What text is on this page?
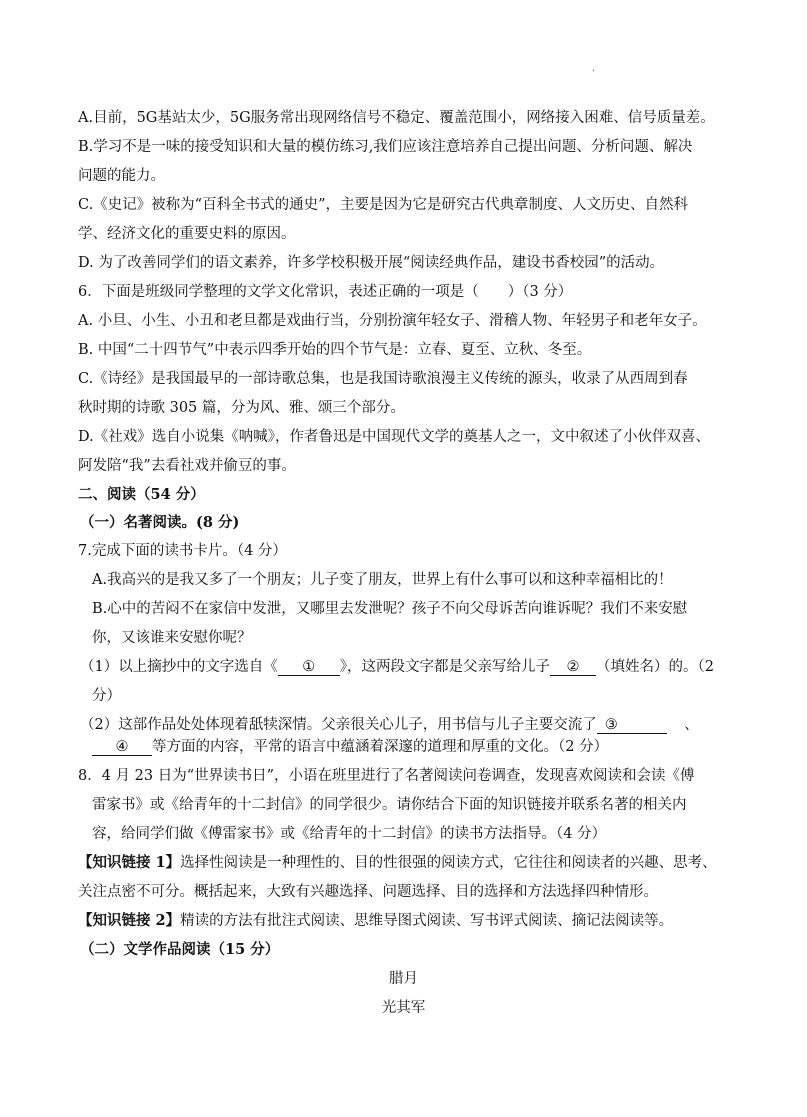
·
A.目前，5G基站太少，5G服务常出现网络信号不稳定、覆盖范围小，网络接入困难、信号质量差。
B.学习不是一味的接受知识和大量的模仿练习,我们应该注意培养自己提出问题、分析问题、解决
问题的能力。
C.《史记》被称为“百科全书式的通史”，主要是因为它是研究古代典章制度、人文历史、自然科
学、经济文化的重要史料的原因。
D. 为了改善同学们的语文素养，许多学校积极开展“阅读经典作品，建设书香校园”的活动。
6．下面是班级同学整理的文学文化常识，表述正确的一项是（　　）（3 分）
A. 小旦、小生、小丑和老旦都是戏曲行当，分别扮演年轻女子、滑稽人物、年轻男子和老年女子。
B. 中国“二十四节气”中表示四季开始的四个节气是：立春、夏至、立秋、冬至。
C.《诗经》是我国最早的一部诗歌总集，也是我国诗歌浪漫主义传统的源头，收录了从西周到春
秋时期的诗歌 305 篇，分为风、雅、颂三个部分。
D.《社戏》选自小说集《呐喊》，作者鲁迅是中国现代文学的奠基人之一，文中叙述了小伙伴双喜、
阿发陪“我”去看社戏并偷豆的事。
二、阅读（54 分）
（一）名著阅读。(8 分)
7.完成下面的读书卡片。（4 分）
A.我高兴的是我又多了一个朋友；儿子变了朋友，世界上有什么事可以和这种幸福相比的！
B.心中的苦闷不在家信中发泄，又哪里去发泄呢？孩子不向父母诉苦向谁诉呢？我们不来安慰
你，又该谁来安慰你呢？
（1）以上摘抄中的文字选自《 ① 》，这两段文字都是父亲写给儿子 ② （填姓名）的。（2
分）
（2）这部作品处处体现着舐犊深情。父亲很关心儿子，用书信与儿子主要交流了 ③	、
④ 等方面的内容，平常的语言中蕴涵着深邃的道理和厚重的文化。（2 分）
8．4 月 23 日为“世界读书日”，小语在班里进行了名著阅读问卷调查，发现喜欢阅读和会读《傅
雷家书》或《给青年的十二封信》的同学很少。请你结合下面的知识链接并联系名著的相关内
容，给同学们做《傅雷家书》或《给青年的十二封信》的读书方法指导。（4 分）
【知识链接 1】选择性阅读是一种理性的、目的性很强的阅读方式，它往往和阅读者的兴趣、思考、
关注点密不可分。概括起来，大致有兴趣选择、问题选择、目的选择和方法选择四种情形。
【知识链接 2】精读的方法有批注式阅读、思维导图式阅读、写书评式阅读、摘记法阅读等。
（二）文学作品阅读（15 分）
腊月
光其军
